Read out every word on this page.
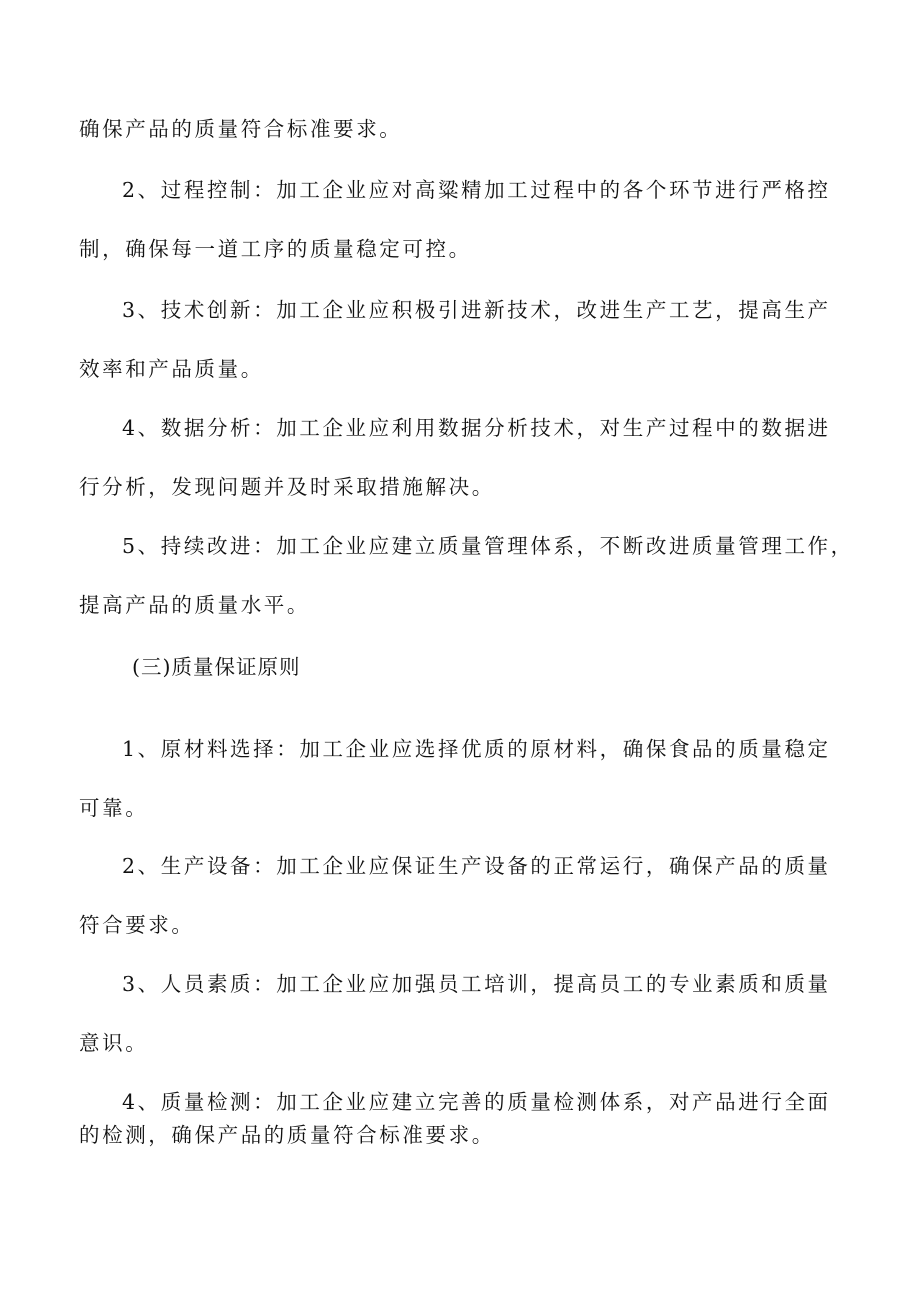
确保产品的质量符合标准要求。

2、过程控制：加工企业应对高粱精加工过程中的各个环节进行严格控
制，确保每一道工序的质量稳定可控。

3、技术创新：加工企业应积极引进新技术，改进生产工艺，提高生产
效率和产品质量。

4、数据分析：加工企业应利用数据分析技术，对生产过程中的数据进
行分析，发现问题并及时采取措施解决。

5、持续改进：加工企业应建立质量管理体系，不断改进质量管理工作，
提高产品的质量水平。

(三)质量保证原则

1、原材料选择：加工企业应选择优质的原材料，确保食品的质量稳定
可靠。

2、生产设备：加工企业应保证生产设备的正常运行，确保产品的质量
符合要求。

3、人员素质：加工企业应加强员工培训，提高员工的专业素质和质量
意识。

4、质量检测：加工企业应建立完善的质量检测体系，对产品进行全面
的检测，确保产品的质量符合标准要求。
